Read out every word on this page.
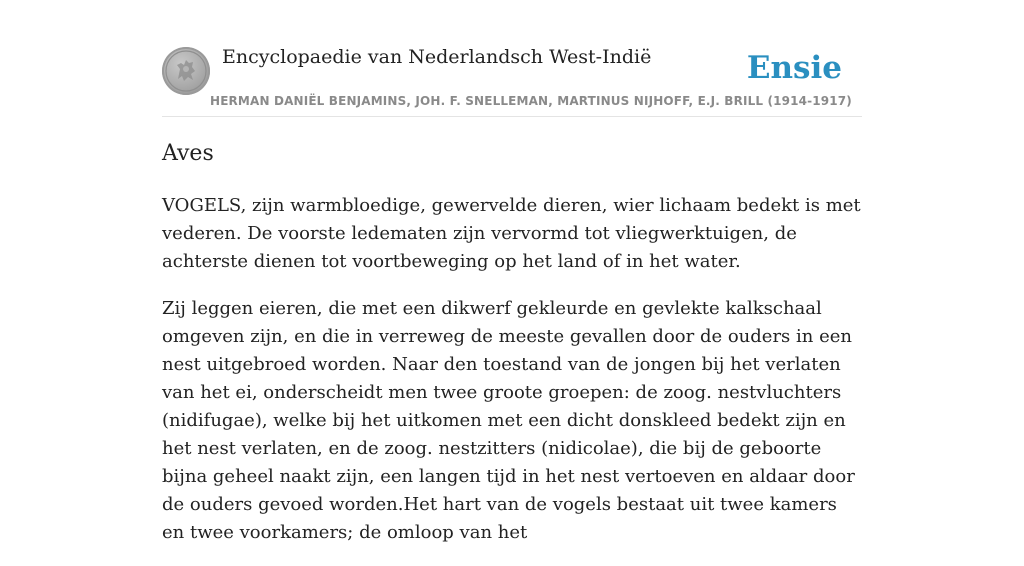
Encyclopaedie van Nederlandsch West-Indië	Ensie
HERMAN DANIËL BENJAMINS, JOH. F. SNELLEMAN, MARTINUS NIJHOFF, E.J. BRILL (1914-1917)
Aves

VOGELS, zijn warmbloedige, gewervelde dieren, wier lichaam bedekt is met vederen. De voorste ledematen zijn vervormd tot vliegwerktuigen, de achterste dienen tot voortbeweging op het land of in het water.

Zij leggen eieren, die met een dikwerf gekleurde en gevlekte kalkschaal omgeven zijn, en die in verreweg de meeste gevallen door de ouders in een nest uitgebroed worden. Naar den toestand van de jongen bij het verlaten van het ei, onderscheidt men twee groote groepen: de zoog. nestvluchters (nidifugae), welke bij het uitkomen met een dicht donskleed bedekt zijn en het nest verlaten, en de zoog. nestzitters (nidicolae), die bij de geboorte bijna geheel naakt zijn, een langen tijd in het nest vertoeven en aldaar door de ouders gevoed worden.Het hart van de vogels bestaat uit twee kamers en twee voorkamers; de omloop van het
